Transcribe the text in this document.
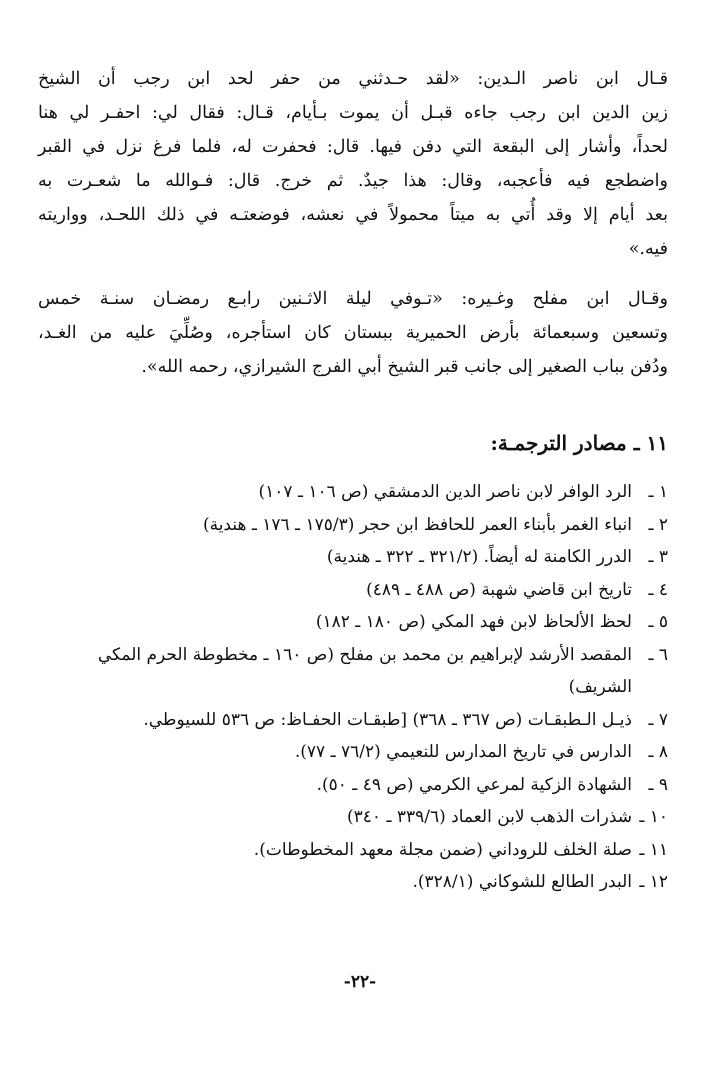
قـال ابن ناصر الـدين: «لقد حـدثني من حفر لحد ابن رجب أن الشيخ
زين الدين ابن رجب جاءه قبـل أن يموت بـأيام، قـال: فقال لي: احفـر لي هنا
لحداً، وأشار إلى البقعة التي دفن فيها. قال: فحفرت له، فلما فرغ نزل في القبر
واضطجع فيه فأعجبه، وقال: هذا جيدٌ. ثم خرج. قال: فـوالله ما شعـرت به
بعد أيام إلا وقد أُتي به ميتاً محمولاً في نعشه، فوضعتـه في ذلك اللحـد، وواريته
فيه.»

وقـال ابن مفلح وغـيره: «تـوفي ليلة الاثـنين رابـع رمضـان سنـة خمس
وتسعين وسبعمائة بأرض الحميرية ببستان كان استأجره، وصُلِّيَ عليه من الغـد،
ودُفن بباب الصغير إلى جانب قبر الشيخ أبي الفرج الشيرازي، رحمه الله».

١١ ـ مصادر الترجمـة:
١ ـ
الرد الوافر لابن ناصر الدين الدمشقي (ص ١٠٦ ـ ١٠٧)
٢ ـ
انباء الغمر بأبناء العمر للحافظ ابن حجر (١٧٥/٣ ـ ١٧٦ ـ هندية)
٣ ـ
الدرر الكامنة له أيضاً. (٣٢١/٢ ـ ٣٢٢ ـ هندية)
٤ ـ
تاريخ ابن قاضي شهبة (ص ٤٨٨ ـ ٤٨٩)
٥ ـ
لحظ الألحاظ لابن فهد المكي (ص ١٨٠ ـ ١٨٢)
٦ ـ
المقصد الأرشد لإبراهيم بن محمد بن مفلح (ص ١٦٠ ـ مخطوطة الحرم المكي الشريف)
٧ ـ
ذيـل الـطبقـات (ص ٣٦٧ ـ ٣٦٨) [طبقـات الحفـاظ: ص ٥٣٦ للسيوطي.
٨ ـ
الدارس في تاريخ المدارس للنعيمي (٧٦/٢ ـ ٧٧).
٩ ـ
الشهادة الزكية لمرعي الكرمي (ص ٤٩ ـ ٥٠).
١٠ ـ
شذرات الذهب لابن العماد (٣٣٩/٦ ـ ٣٤٠)
١١ ـ
صلة الخلف للروداني (ضمن مجلة معهد المخطوطات).
١٢ ـ
البدر الطالع للشوكاني (٣٢٨/١).
-٢٢-
